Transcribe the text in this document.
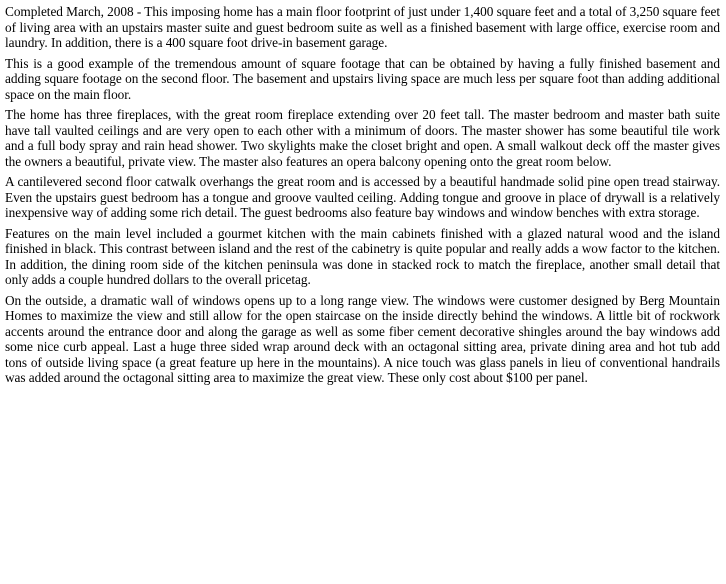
Completed March, 2008 - This imposing home has a main floor footprint of just under 1,400 square feet and a total of 3,250 square feet of living area with an upstairs master suite and guest bedroom suite as well as a finished basement with large office, exercise room and laundry. In addition, there is a 400 square foot drive-in basement garage.

This is a good example of the tremendous amount of square footage that can be obtained by having a fully finished basement and adding square footage on the second floor. The basement and upstairs living space are much less per square foot than adding additional space on the main floor.

The home has three fireplaces, with the great room fireplace extending over 20 feet tall. The master bedroom and master bath suite have tall vaulted ceilings and are very open to each other with a minimum of doors. The master shower has some beautiful tile work and a full body spray and rain head shower. Two skylights make the closet bright and open. A small walkout deck off the master gives the owners a beautiful, private view. The master also features an opera balcony opening onto the great room below.

A cantilevered second floor catwalk overhangs the great room and is accessed by a beautiful handmade solid pine open tread stairway. Even the upstairs guest bedroom has a tongue and groove vaulted ceiling. Adding tongue and groove in place of drywall is a relatively inexpensive way of adding some rich detail. The guest bedrooms also feature bay windows and window benches with extra storage.

Features on the main level included a gourmet kitchen with the main cabinets finished with a glazed natural wood and the island finished in black. This contrast between island and the rest of the cabinetry is quite popular and really adds a wow factor to the kitchen. In addition, the dining room side of the kitchen peninsula was done in stacked rock to match the fireplace, another small detail that only adds a couple hundred dollars to the overall pricetag.

On the outside, a dramatic wall of windows opens up to a long range view. The windows were customer designed by Berg Mountain Homes to maximize the view and still allow for the open staircase on the inside directly behind the windows. A little bit of rockwork accents around the entrance door and along the garage as well as some fiber cement decorative shingles around the bay windows add some nice curb appeal. Last a huge three sided wrap around deck with an octagonal sitting area, private dining area and hot tub add tons of outside living space (a great feature up here in the mountains). A nice touch was glass panels in lieu of conventional handrails was added around the octagonal sitting area to maximize the great view. These only cost about $100 per panel.
